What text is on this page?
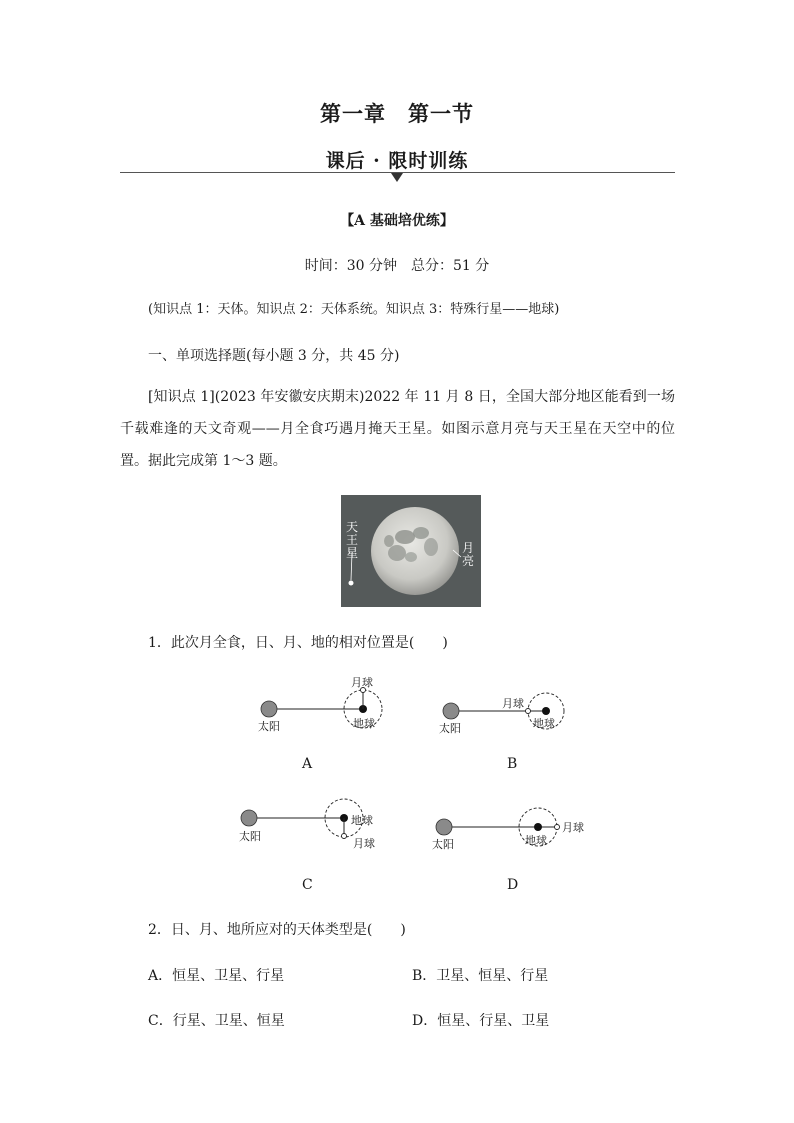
第一章　第一节
课后 · 限时训练
【A 基础培优练】
时间：30 分钟　总分：51 分
(知识点 1：天体。知识点 2：天体系统。知识点 3：特殊行星——地球)
一、单项选择题(每小题 3 分，共 45 分)
[知识点 1](2023 年安徽安庆期末)2022 年 11 月 8 日，全国大部分地区能看到一场千载难逢的天文奇观——月全食巧遇月掩天王星。如图示意月亮与天王星在天空中的位置。据此完成第 1～3 题。
天王星	月亮
1．此次月全食，日、月、地的相对位置是(　　)
太阳	地球
月球
A
太阳	地球
月球
B
太阳
地球
月球
C
太阳	地球
月球
D
2．日、月、地所应对的天体类型是(　　)
A．恒星、卫星、行星	B．卫星、恒星、行星
C．行星、卫星、恒星	D．恒星、行星、卫星
